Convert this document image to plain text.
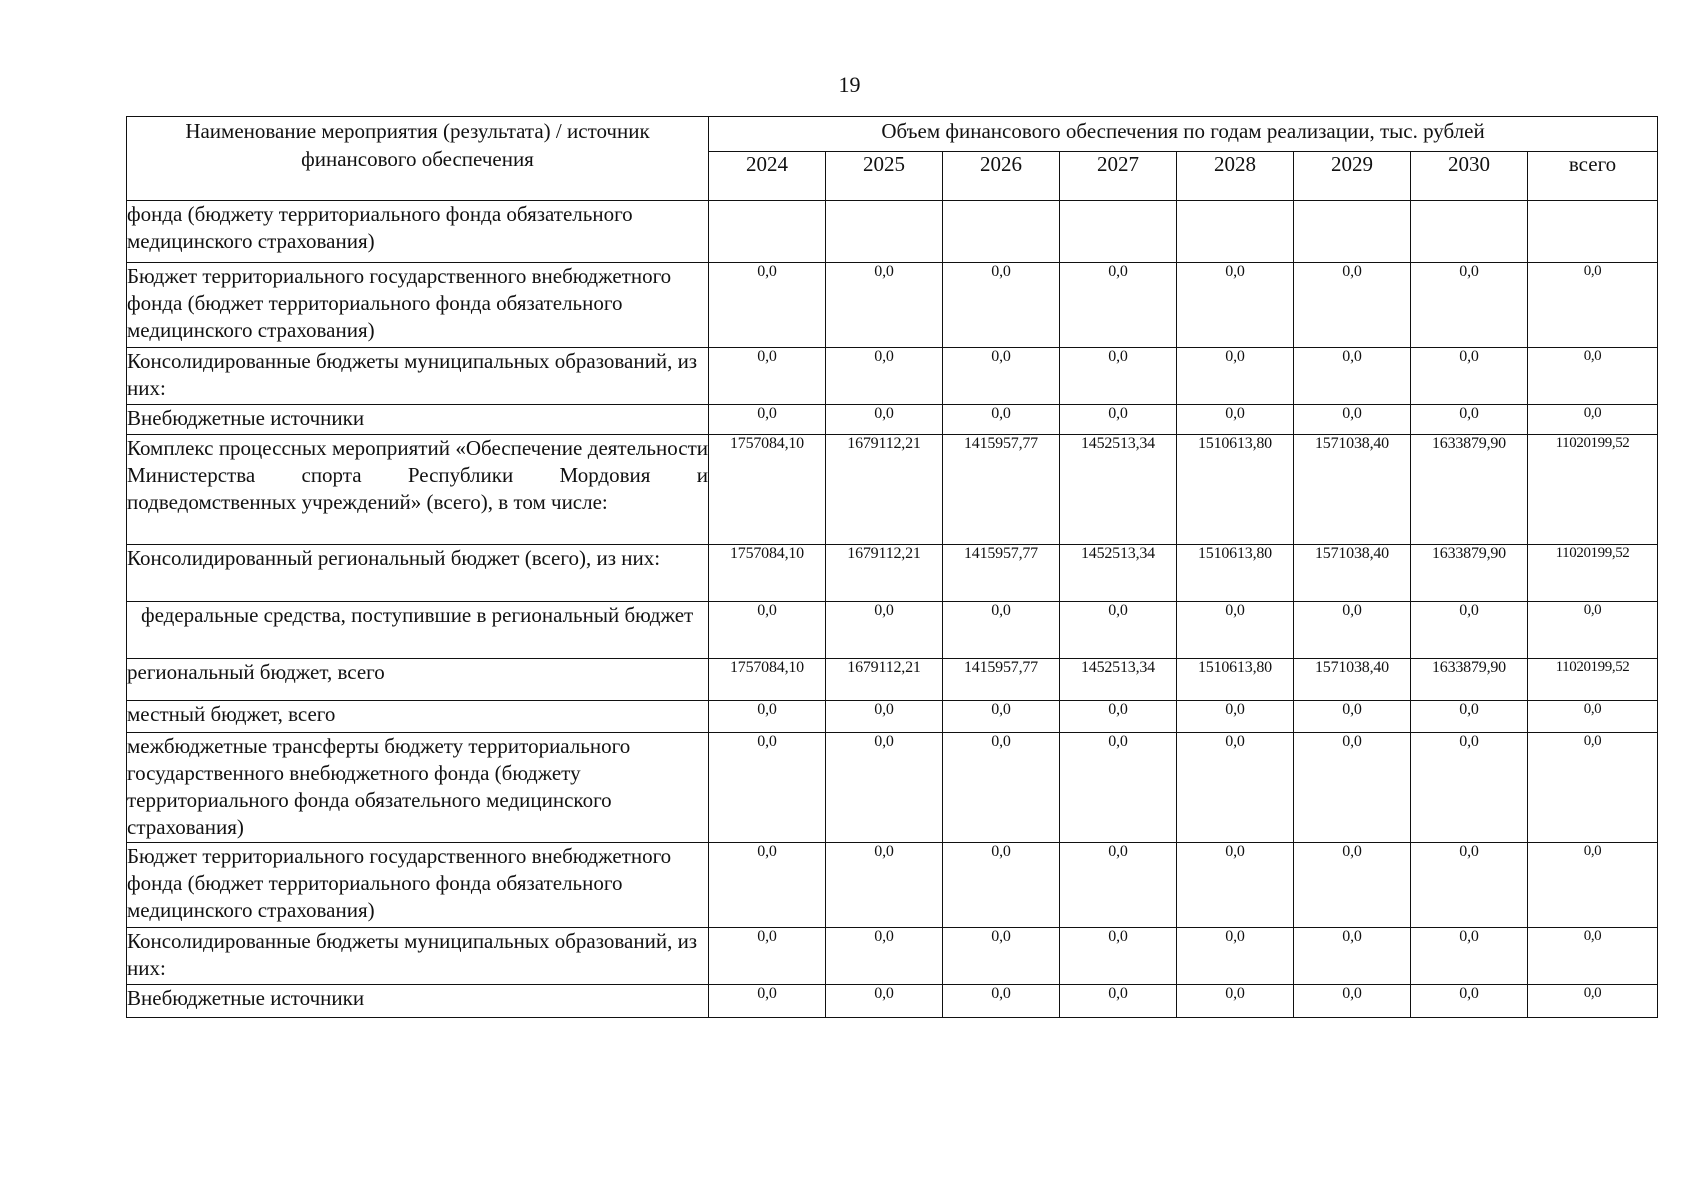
19
Наименование мероприятия (результата) / источник финансового обеспечения	Объем финансового обеспечения по годам реализации, тыс. рублей							
	2024	2025	2026	2027	2028	2029	2030	всего
фонда (бюджету территориального фонда обязательного медицинского страхования)								
Бюджет территориального государственного внебюджетного фонда (бюджет территориального фонда обязательного медицинского страхования)	0,0	0,0	0,0	0,0	0,0	0,0	0,0	0,0
Консолидированные бюджеты муниципальных образований, из них:	0,0	0,0	0,0	0,0	0,0	0,0	0,0	0,0
Внебюджетные источники	0,0	0,0	0,0	0,0	0,0	0,0	0,0	0,0
Комплекс процессных мероприятий «Обеспечение деятельности Министерства спорта Республики Мордовия и подведомственных учреждений» (всего), в том числе:	1757084,10	1679112,21	1415957,77	1452513,34	1510613,80	1571038,40	1633879,90	11020199,52
Консолидированный региональный бюджет (всего), из них:	1757084,10	1679112,21	1415957,77	1452513,34	1510613,80	1571038,40	1633879,90	11020199,52
федеральные средства, поступившие в региональный бюджет	0,0	0,0	0,0	0,0	0,0	0,0	0,0	0,0
региональный бюджет, всего	1757084,10	1679112,21	1415957,77	1452513,34	1510613,80	1571038,40	1633879,90	11020199,52
местный бюджет, всего	0,0	0,0	0,0	0,0	0,0	0,0	0,0	0,0
межбюджетные трансферты бюджету территориального государственного внебюджетного фонда (бюджету территориального фонда обязательного медицинского страхования)	0,0	0,0	0,0	0,0	0,0	0,0	0,0	0,0
Бюджет территориального государственного внебюджетного фонда (бюджет территориального фонда обязательного медицинского страхования)	0,0	0,0	0,0	0,0	0,0	0,0	0,0	0,0
Консолидированные бюджеты муниципальных образований, из них:	0,0	0,0	0,0	0,0	0,0	0,0	0,0	0,0
Внебюджетные источники	0,0	0,0	0,0	0,0	0,0	0,0	0,0	0,0
